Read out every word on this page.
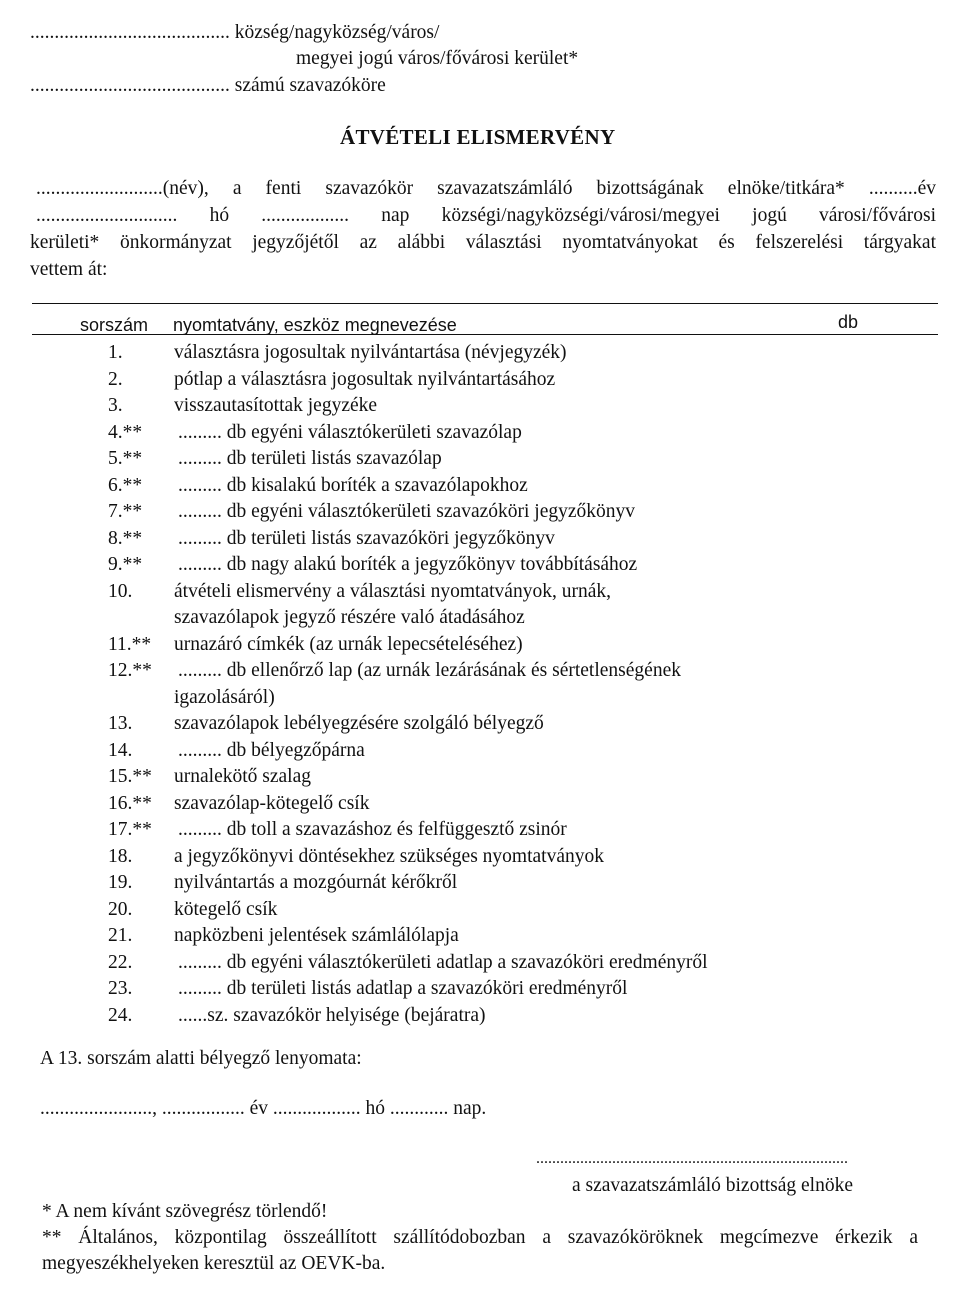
......................................... község/nagyközség/város/
megyei jogú város/fővárosi kerület*
......................................... számú szavazóköre
ÁTVÉTELI ELISMERVÉNY
..........................(név), a fenti szavazókör szavazatszámláló bizottságának elnöke/titkára* ..........év
............................. hó .................. nap községi/nagyközségi/városi/megyei jogú városi/fővárosi
kerületi* önkormányzat jegyzőjétől az alábbi választási nyomtatványokat és felszerelési tárgyakat
vettem át:
sorszám nyomtatvány, eszköz megnevezése	db
1.	választásra jogosultak nyilvántartása (névjegyzék)
2.	pótlap a választásra jogosultak nyilvántartásához
3.	visszautasítottak jegyzéke
4.**	......... db egyéni választókerületi szavazólap
5.**	......... db területi listás szavazólap
6.**	......... db kisalakú boríték a szavazólapokhoz
7.**	......... db egyéni választókerületi szavazóköri jegyzőkönyv
8.**	......... db területi listás szavazóköri jegyzőkönyv
9.**	......... db nagy alakú boríték a jegyzőkönyv továbbításához
10.	átvételi elismervény a választási nyomtatványok, urnák,
szavazólapok jegyző részére való átadásához
11.**	urnazáró címkék (az urnák lepecsételéséhez)
12.**	......... db ellenőrző lap (az urnák lezárásának és sértetlenségének
igazolásáról)
13.	szavazólapok lebélyegzésére szolgáló bélyegző
14.	......... db bélyegzőpárna
15.**	urnalekötő szalag
16.**	szavazólap-kötegelő csík
17.**	......... db toll a szavazáshoz és felfüggesztő zsinór
18.	a jegyzőkönyvi döntésekhez szükséges nyomtatványok
19.	nyilvántartás a mozgóurnát kérőkről
20.	kötegelő csík
21.	napközbeni jelentések számlálólapja
22.	......... db egyéni választókerületi adatlap a szavazóköri eredményről
23.	......... db területi listás adatlap a szavazóköri eredményről
24.	......sz. szavazókör helyisége (bejáratra)
A 13. sorszám alatti bélyegző lenyomata:
......................., ................. év .................. hó ............ nap.
..............................................................................
a szavazatszámláló bizottság elnöke
* A nem kívánt szövegrész törlendő!
** Általános, központilag összeállított szállítódobozban a szavazóköröknek megcímezve érkezik a
megyeszékhelyeken keresztül az OEVK-ba.
